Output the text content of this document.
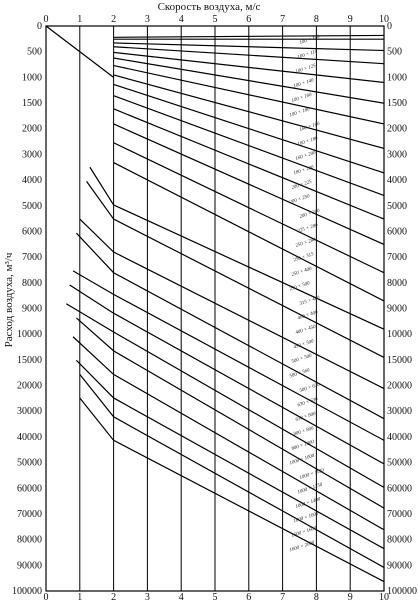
Скорость воздуха, м/с
Расход воздуха, м³/ч
100 × 100
100 × 110
100 × 125
100 × 140
100 × 160
100 × 180
160 × 160
160 × 180
160 × 200
180 × 200
200 × 225
200 × 250
200 × 280
225 × 280
250 × 280
250 × 315
250 × 400
250 × 500
315 × 400
400 × 400
400 × 450
450 × 500
500 × 500
500 × 560
500 × 630
630 × 630
630 × 800
800 × 800
800 × 1000
1000 × 1000
1000 × 1120
1000 × 1250
1000 × 1400
1000 × 1600
1600 × 1600
1600 × 2000
0
0
1
1
2
2
3
3
4
4
5
5
6
6
7
7
8
8
9
9
10
10
0	0
500	500
1000	1000
1500	1500
2000	2000
3000	3000
4000	4000
5000	5000
6000	6000
7000	7000
8000	8000
9000	9000
10000	10000
15000	15000
20000	20000
30000	30000
40000	40000
50000	50000
60000	60000
70000	70000
80000	80000
90000	90000
100000	100000
